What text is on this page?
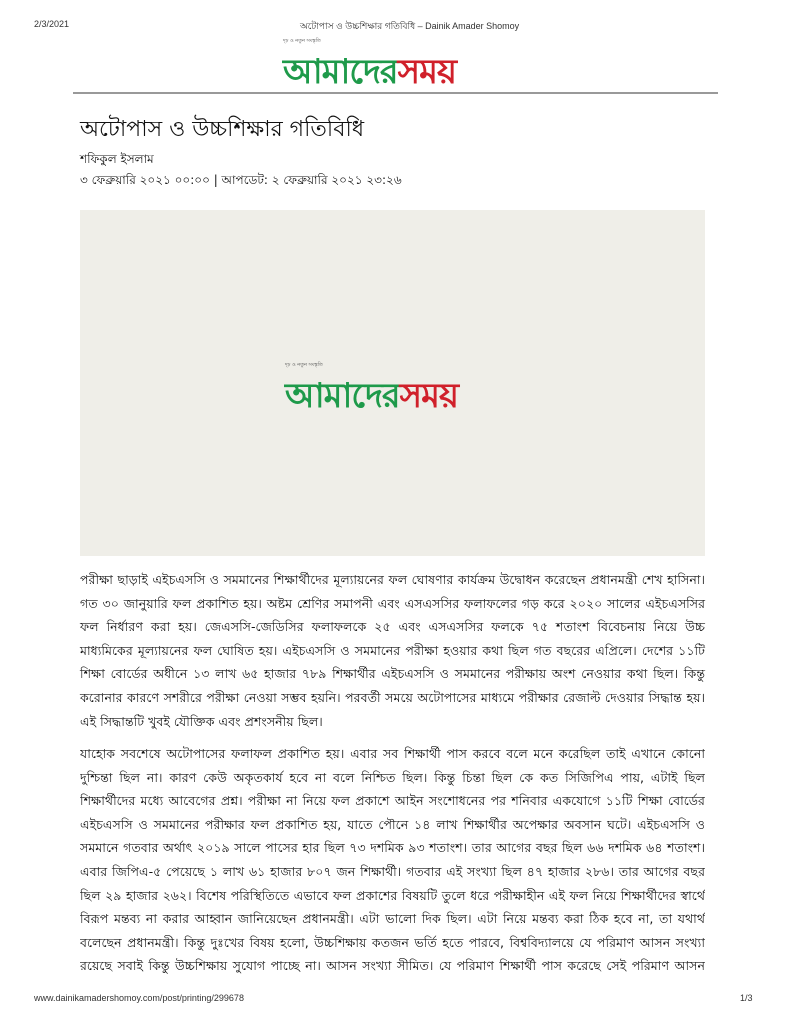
2/3/2021	অটোপাস ও উচ্চশিক্ষার গতিবিধি – Dainik Amader Shomoy
দৃঢ় ও নতুন সংস্কৃতি
আমাদেরসময়
অটোপাস ও উচ্চশিক্ষার গতিবিধি
শফিকুল ইসলাম
৩ ফেব্রুয়ারি ২০২১ ০০:০০ | আপডেট: ২ ফেব্রুয়ারি ২০২১ ২৩:২৬
দৃঢ় ও নতুন সংস্কৃতি
আমাদেরসময়
পরীক্ষা ছাড়াই এইচএসসি ও সমমানের শিক্ষার্থীদের মূল্যায়নের ফল ঘোষণার কার্যক্রম উদ্বোধন করেছেন প্রধানমন্ত্রী শেখ হাসিনা। গত ৩০ জানুয়ারি ফল প্রকাশিত হয়। অষ্টম শ্রেণির সমাপনী এবং এসএসসির ফলাফলের গড় করে ২০২০ সালের এইচএসসির ফল নির্ধারণ করা হয়। জেএসসি-জেডিসির ফলাফলকে ২৫ এবং এসএসসির ফলকে ৭৫ শতাংশ বিবেচনায় নিয়ে উচ্চ মাধ্যমিকের মূল্যায়নের ফল ঘোষিত হয়। এইচএসসি ও সমমানের পরীক্ষা হওয়ার কথা ছিল গত বছরের এপ্রিলে। দেশের ১১টি শিক্ষা বোর্ডের অধীনে ১৩ লাখ ৬৫ হাজার ৭৮৯ শিক্ষার্থীর এইচএসসি ও সমমানের পরীক্ষায় অংশ নেওয়ার কথা ছিল। কিন্তু করোনার কারণে সশরীরে পরীক্ষা নেওয়া সম্ভব হয়নি। পরবর্তী সময়ে অটোপাসের মাধ্যমে পরীক্ষার রেজাল্ট দেওয়ার সিদ্ধান্ত হয়। এই সিদ্ধান্তটি খুবই যৌক্তিক এবং প্রশংসনীয় ছিল।
যাহোক সবশেষে অটোপাসের ফলাফল প্রকাশিত হয়। এবার সব শিক্ষার্থী পাস করবে বলে মনে করেছিল তাই এখানে কোনো দুশ্চিন্তা ছিল না। কারণ কেউ অকৃতকার্য হবে না বলে নিশ্চিত ছিল। কিন্তু চিন্তা ছিল কে কত সিজিপিএ পায়, এটাই ছিল শিক্ষার্থীদের মধ্যে আবেগের প্রশ্ন। পরীক্ষা না নিয়ে ফল প্রকাশে আইন সংশোধনের পর শনিবার একযোগে ১১টি শিক্ষা বোর্ডের এইচএসসি ও সমমানের পরীক্ষার ফল প্রকাশিত হয়, যাতে পৌনে ১৪ লাখ শিক্ষার্থীর অপেক্ষার অবসান ঘটে। এইচএসসি ও সমমানে গতবার অর্থাৎ ২০১৯ সালে পাসের হার ছিল ৭৩ দশমিক ৯৩ শতাংশ। তার আগের বছর ছিল ৬৬ দশমিক ৬৪ শতাংশ। এবার জিপিএ-৫ পেয়েছে ১ লাখ ৬১ হাজার ৮০৭ জন শিক্ষার্থী। গতবার এই সংখ্যা ছিল ৪৭ হাজার ২৮৬। তার আগের বছর ছিল ২৯ হাজার ২৬২। বিশেষ পরিস্থিতিতে এভাবে ফল প্রকাশের বিষয়টি তুলে ধরে পরীক্ষাহীন এই ফল নিয়ে শিক্ষার্থীদের স্বার্থে বিরূপ মন্তব্য না করার আহ্বান জানিয়েছেন প্রধানমন্ত্রী। এটা ভালো দিক ছিল। এটা নিয়ে মন্তব্য করা ঠিক হবে না, তা যথার্থ বলেছেন প্রধানমন্ত্রী। কিন্তু দুঃখের বিষয় হলো, উচ্চশিক্ষায় কতজন ভর্তি হতে পারবে, বিশ্ববিদ্যালয়ে যে পরিমাণ আসন সংখ্যা রয়েছে সবাই কিন্তু উচ্চশিক্ষায় সুযোগ পাচ্ছে না। আসন সংখ্যা সীমিত। যে পরিমাণ শিক্ষার্থী পাস করেছে সেই পরিমাণ আসন
www.dainikamadershomoy.com/post/printing/299678	1/3
